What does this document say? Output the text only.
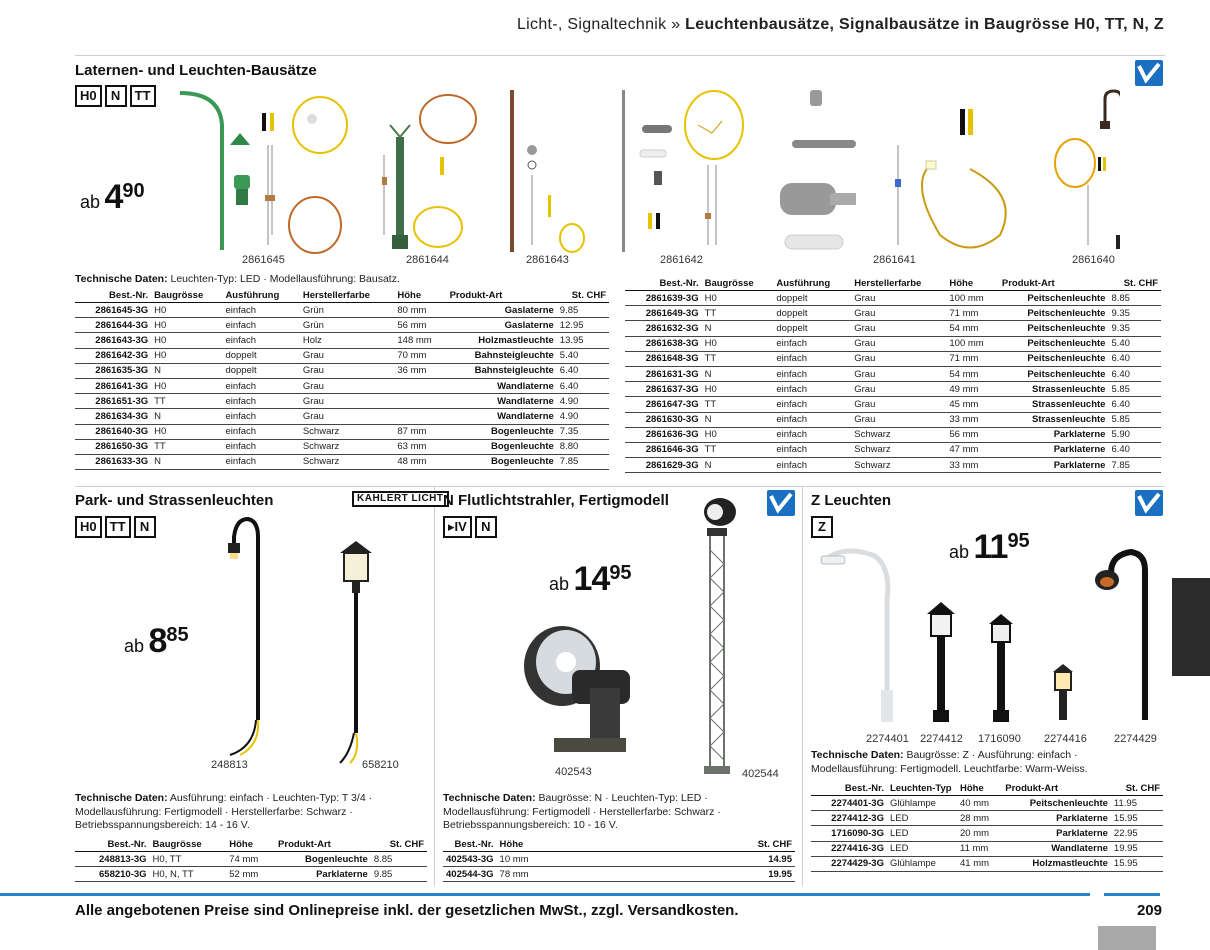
Licht-, Signaltechnik » Leuchtenbausätze, Signalbausätze in Baugrösse H0, TT, N, Z
Laternen- und Leuchten-Bausätze
H0	N	TT
ab 490
2861645	2861644	2861643	2861642	2861641	2861640
Technische Daten: Leuchten-Typ: LED · Modellausführung: Bausatz.
Best.-Nr.	Baugrösse	Ausführung	Herstellerfarbe	Höhe	Produkt-Art	St. CHF
2861645-3G	H0	einfach	Grün	80 mm	Gaslaterne	9.85
2861644-3G	H0	einfach	Grün	56 mm	Gaslaterne	12.95
2861643-3G	H0	einfach	Holz	148 mm	Holzmastleuchte	13.95
2861642-3G	H0	doppelt	Grau	70 mm	Bahnsteigleuchte	5.40
2861635-3G	N	doppelt	Grau	36 mm	Bahnsteigleuchte	6.40
2861641-3G	H0	einfach	Grau		Wandlaterne	6.40
2861651-3G	TT	einfach	Grau		Wandlaterne	4.90
2861634-3G	N	einfach	Grau		Wandlaterne	4.90
2861640-3G	H0	einfach	Schwarz	87 mm	Bogenleuchte	7.35
2861650-3G	TT	einfach	Schwarz	63 mm	Bogenleuchte	8.80
2861633-3G	N	einfach	Schwarz	48 mm	Bogenleuchte	7.85
Best.-Nr.	Baugrösse	Ausführung	Herstellerfarbe	Höhe	Produkt-Art	St. CHF
2861639-3G	H0	doppelt	Grau	100 mm	Peitschenleuchte	8.85
2861649-3G	TT	doppelt	Grau	71 mm	Peitschenleuchte	9.35
2861632-3G	N	doppelt	Grau	54 mm	Peitschenleuchte	9.35
2861638-3G	H0	einfach	Grau	100 mm	Peitschenleuchte	5.40
2861648-3G	TT	einfach	Grau	71 mm	Peitschenleuchte	6.40
2861631-3G	N	einfach	Grau	54 mm	Peitschenleuchte	6.40
2861637-3G	H0	einfach	Grau	49 mm	Strassenleuchte	5.85
2861647-3G	TT	einfach	Grau	45 mm	Strassenleuchte	6.40
2861630-3G	N	einfach	Grau	33 mm	Strassenleuchte	5.85
2861636-3G	H0	einfach	Schwarz	56 mm	Parklaterne	5.90
2861646-3G	TT	einfach	Schwarz	47 mm	Parklaterne	6.40
2861629-3G	N	einfach	Schwarz	33 mm	Parklaterne	7.85
Park- und Strassenleuchten	KAHLERT LICHT
H0	TT	N
ab 885
248813	658210
Technische Daten: Ausführung: einfach · Leuchten-Typ: T 3/4 · Modellausführung: Fertigmodell · Herstellerfarbe: Schwarz · Betriebsspannungsbereich: 14 - 16 V.
Best.-Nr.	Baugrösse	Höhe	Produkt-Art	St. CHF
248813-3G	H0, TT	74 mm	Bogenleuchte	8.85
658210-3G	H0, N, TT	52 mm	Parklaterne	9.85
N Flutlichtstrahler, Fertigmodell
▸IV	N
ab 1495
402543	402544
Technische Daten: Baugrösse: N · Leuchten-Typ: LED · Modellausführung: Fertigmodell · Herstellerfarbe: Schwarz · Betriebsspannungsbereich: 10 - 16 V.
Best.-Nr.	Höhe	St. CHF
402543-3G	10 mm	14.95
402544-3G	78 mm	19.95
Z Leuchten
Z
ab 1195
2274401 2274412 1716090 2274416 2274429
Technische Daten: Baugrösse: Z · Ausführung: einfach · Modellausführung: Fertigmodell. Leuchtfarbe: Warm-Weiss.
Best.-Nr.	Leuchten-Typ	Höhe	Produkt-Art	St. CHF
2274401-3G	Glühlampe	40 mm	Peitschenleuchte	11.95
2274412-3G	LED	28 mm	Parklaterne	15.95
1716090-3G	LED	20 mm	Parklaterne	22.95
2274416-3G	LED	11 mm	Wandlaterne	19.95
2274429-3G	Glühlampe	41 mm	Holzmastleuchte	15.95
Alle angebotenen Preise sind Onlinepreise inkl. der gesetzlichen MwSt., zzgl. Versandkosten.	209
